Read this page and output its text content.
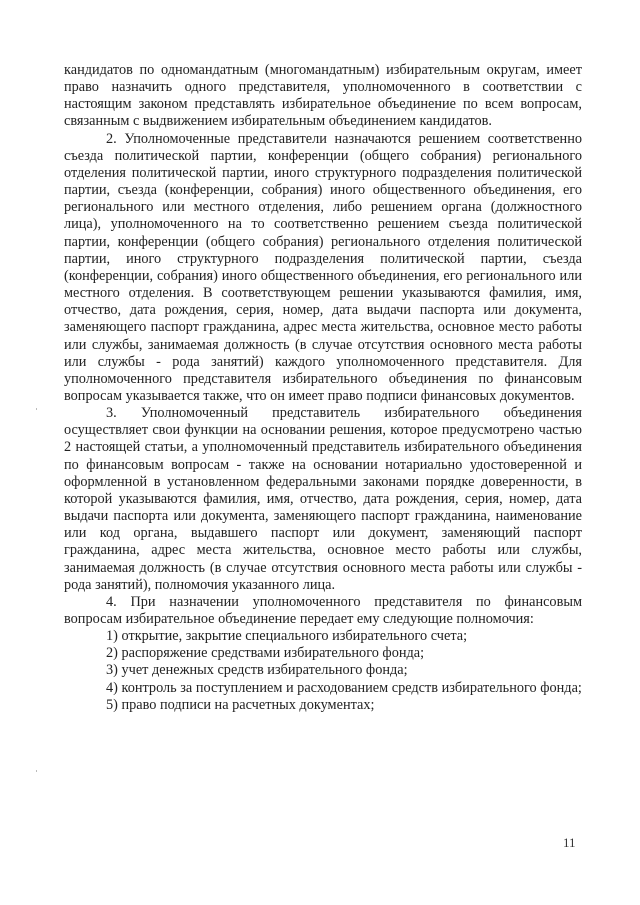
кандидатов по одномандатным (многомандатным) избирательным округам, имеет право назначить одного представителя, уполномоченного в соответствии с настоящим законом представлять избирательное объединение по всем вопросам, связанным с выдвижением избирательным объединением кандидатов.

2. Уполномоченные представители назначаются решением соответственно съезда политической партии, конференции (общего собрания) регионального отделения политической партии, иного структурного подразделения политической партии, съезда (конференции, собрания) иного общественного объединения, его регионального или местного отделения, либо решением органа (должностного лица), уполномоченного на то соответственно решением съезда политической партии, конференции (общего собрания) регионального отделения политической партии, иного структурного подразделения политической партии, съезда (конференции, собрания) иного общественного объединения, его регионального или местного отделения. В соответствующем решении указываются фамилия, имя, отчество, дата рождения, серия, номер, дата выдачи паспорта или документа, заменяющего паспорт гражданина, адрес места жительства, основное место работы или службы, занимаемая должность (в случае отсутствия основного места работы или службы - рода занятий) каждого уполномоченного представителя. Для уполномоченного представителя избирательного объединения по финансовым вопросам указывается также, что он имеет право подписи финансовых документов.

3. Уполномоченный представитель избирательного объединения осуществляет свои функции на основании решения, которое предусмотрено частью 2 настоящей статьи, а уполномоченный представитель избирательного объединения по финансовым вопросам - также на основании нотариально удостоверенной и оформленной в установленном федеральными законами порядке доверенности, в которой указываются фамилия, имя, отчество, дата рождения, серия, номер, дата выдачи паспорта или документа, заменяющего паспорт гражданина, наименование или код органа, выдавшего паспорт или документ, заменяющий паспорт гражданина, адрес места жительства, основное место работы или службы, занимаемая должность (в случае отсутствия основного места работы или службы - рода занятий), полномочия указанного лица.

4. При назначении уполномоченного представителя по финансовым вопросам избирательное объединение передает ему следующие полномочия:

1) открытие, закрытие специального избирательного счета;

2) распоряжение средствами избирательного фонда;

3) учет денежных средств избирательного фонда;

4) контроль за поступлением и расходованием средств избирательного фонда;

5) право подписи на расчетных документах;

11
